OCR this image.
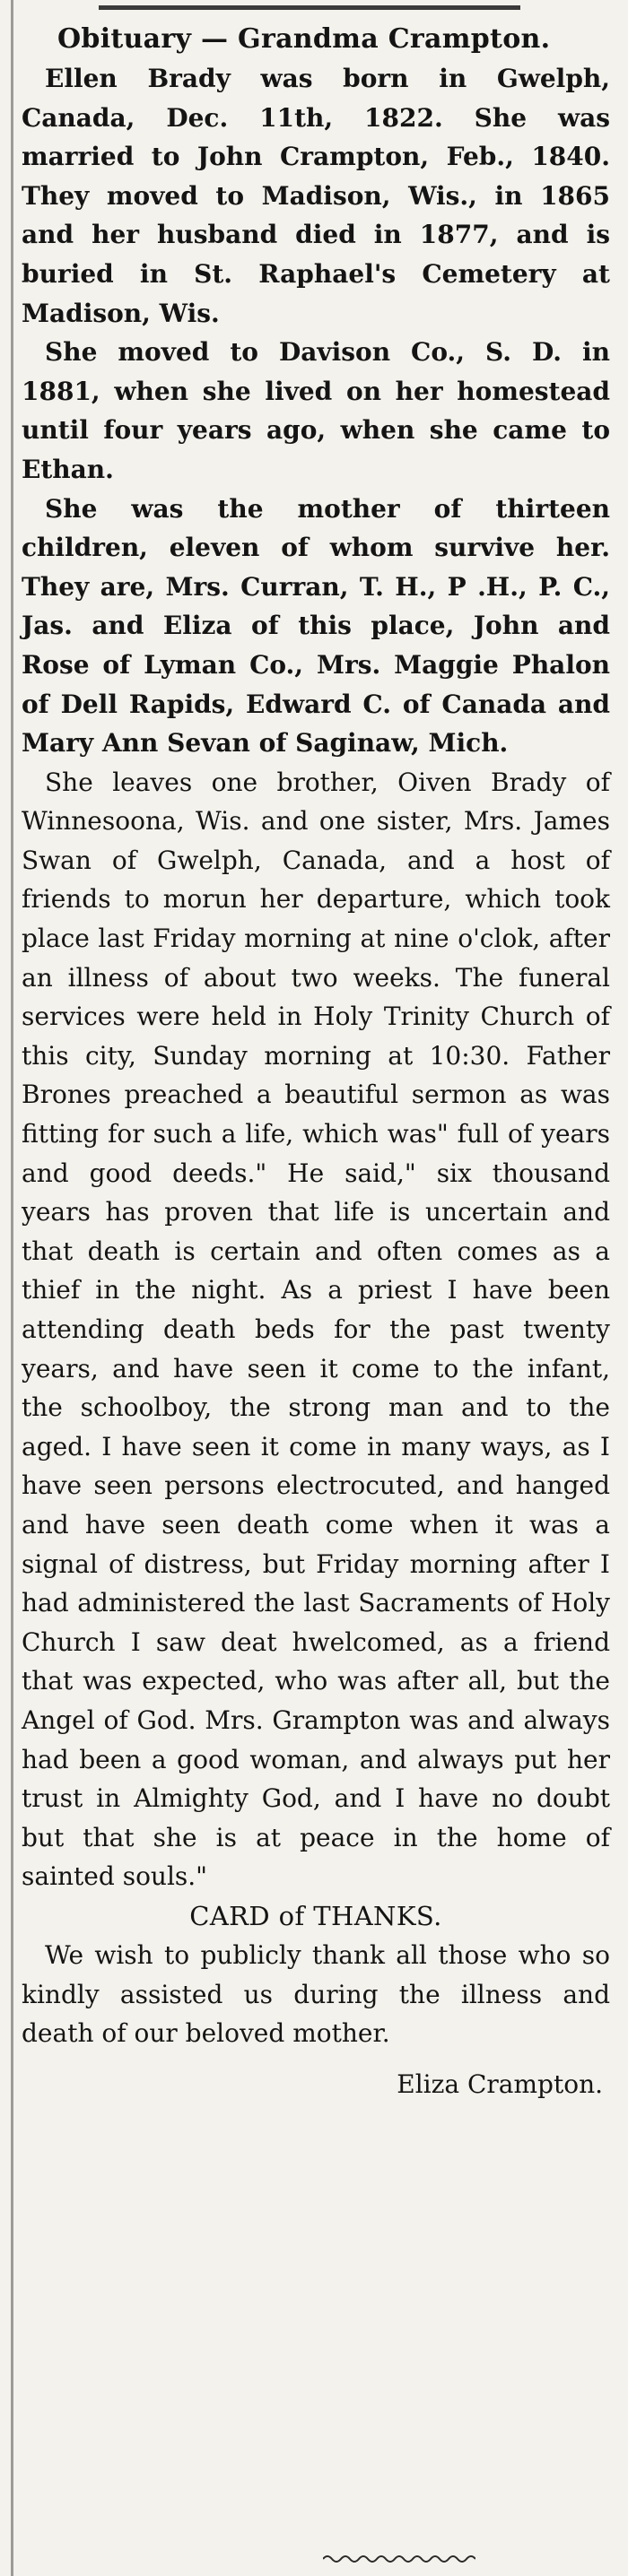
Obituary — Grandma Crampton.

Ellen Brady was born in Gwelph, Canada, Dec. 11th, 1822. She was married to John Crampton, Feb., 1840. They moved to Madison, Wis., in 1865 and her husband died in 1877, and is buried in St. Raphael's Cemetery at Madison, Wis.

She moved to Davison Co., S. D. in 1881, when she lived on her homestead until four years ago, when she came to Ethan.

She was the mother of thirteen children, eleven of whom survive her. They are, Mrs. Curran, T. H., P .H., P. C., Jas. and Eliza of this place, John and Rose of Lyman Co., Mrs. Maggie Phalon of Dell Rapids, Edward C. of Canada and Mary Ann Sevan of Saginaw, Mich.

She leaves one brother, Oiven Brady of Winnesoona, Wis. and one sister, Mrs. James Swan of Gwelph, Canada, and a host of friends to morun her departure, which took place last Friday morning at nine o'clok, after an illness of about two weeks. The funeral services were held in Holy Trinity Church of this city, Sunday morning at 10:30. Father Brones preached a beautiful sermon as was fitting for such a life, which was" full of years and good deeds." He said," six thousand years has proven that life is uncertain and that death is certain and often comes as a thief in the night. As a priest I have been attending death beds for the past twenty years, and have seen it come to the infant, the schoolboy, the strong man and to the aged. I have seen it come in many ways, as I have seen persons electrocuted, and hanged and have seen death come when it was a signal of distress, but Friday morning after I had administered the last Sacraments of Holy Church I saw deat hwelcomed, as a friend that was expected, who was after all, but the Angel of God. Mrs. Grampton was and always had been a good woman, and always put her trust in Almighty God, and I have no doubt but that she is at peace in the home of sainted souls."

CARD of THANKS.

We wish to publicly thank all those who so kindly assisted us during the illness and death of our beloved mother.

Eliza Crampton.
